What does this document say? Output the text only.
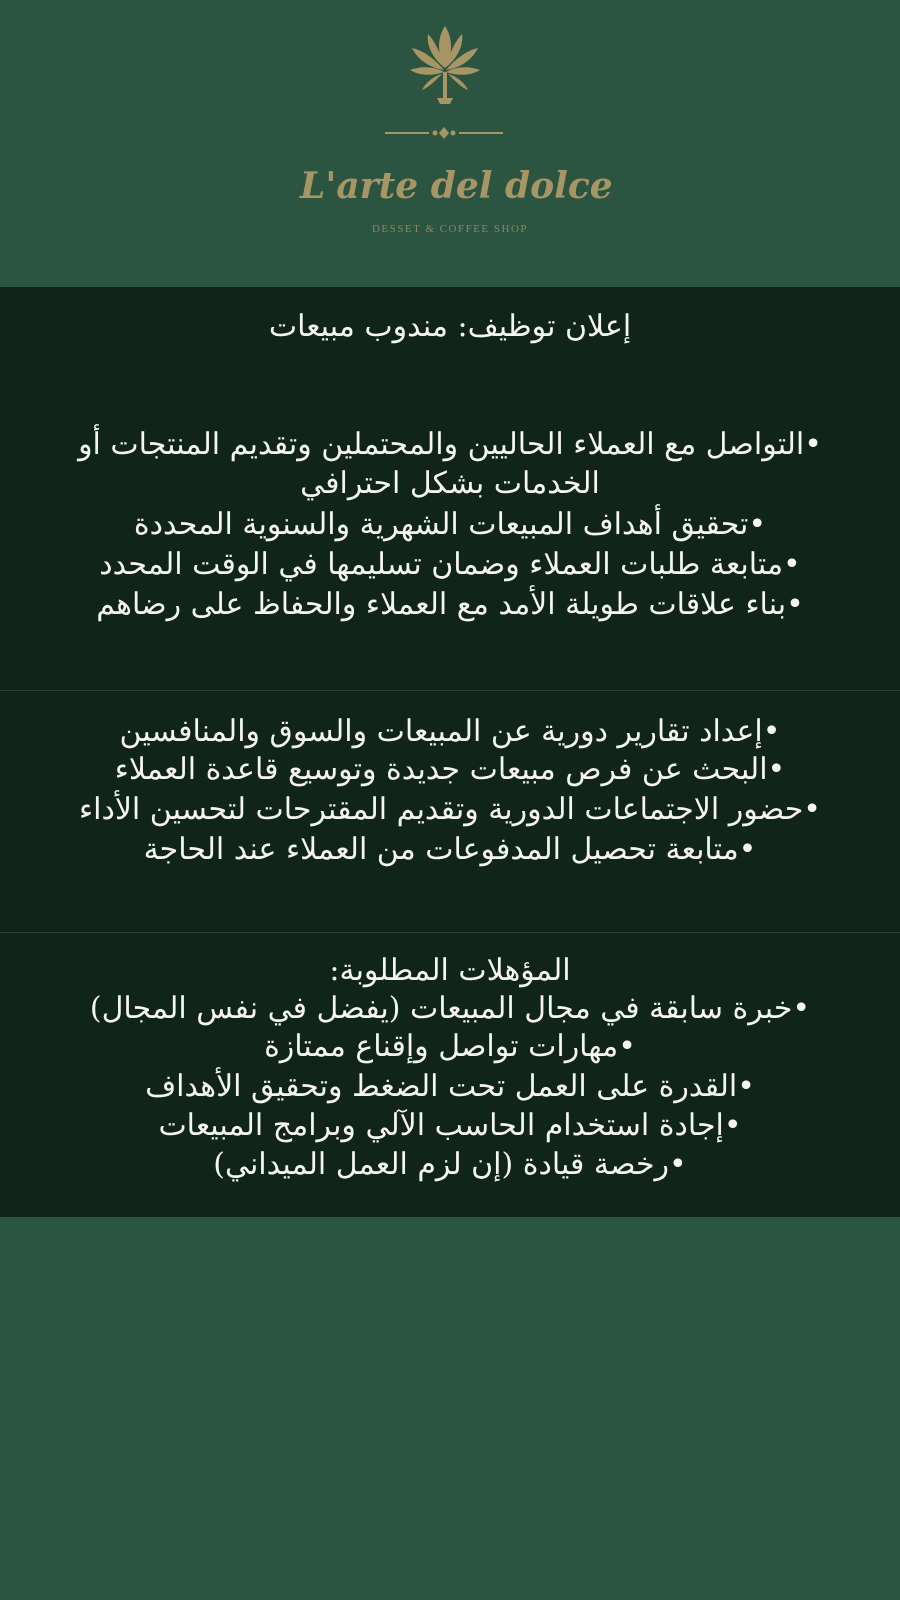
L'arte del dolce
DESSET & COFFEE SHOP
إعلان توظيف: مندوب مبيعات
•التواصل مع العملاء الحاليين والمحتملين وتقديم المنتجات أو
الخدمات بشكل احترافي
•تحقيق أهداف المبيعات الشهرية والسنوية المحددة
•متابعة طلبات العملاء وضمان تسليمها في الوقت المحدد
•بناء علاقات طويلة الأمد مع العملاء والحفاظ على رضاهم
•إعداد تقارير دورية عن المبيعات والسوق والمنافسين
•البحث عن فرص مبيعات جديدة وتوسيع قاعدة العملاء
•حضور الاجتماعات الدورية وتقديم المقترحات لتحسين الأداء
•متابعة تحصيل المدفوعات من العملاء عند الحاجة
المؤهلات المطلوبة:
•خبرة سابقة في مجال المبيعات (يفضل في نفس المجال)
•مهارات تواصل وإقناع ممتازة
•القدرة على العمل تحت الضغط وتحقيق الأهداف
•إجادة استخدام الحاسب الآلي وبرامج المبيعات
•رخصة قيادة (إن لزم العمل الميداني)
